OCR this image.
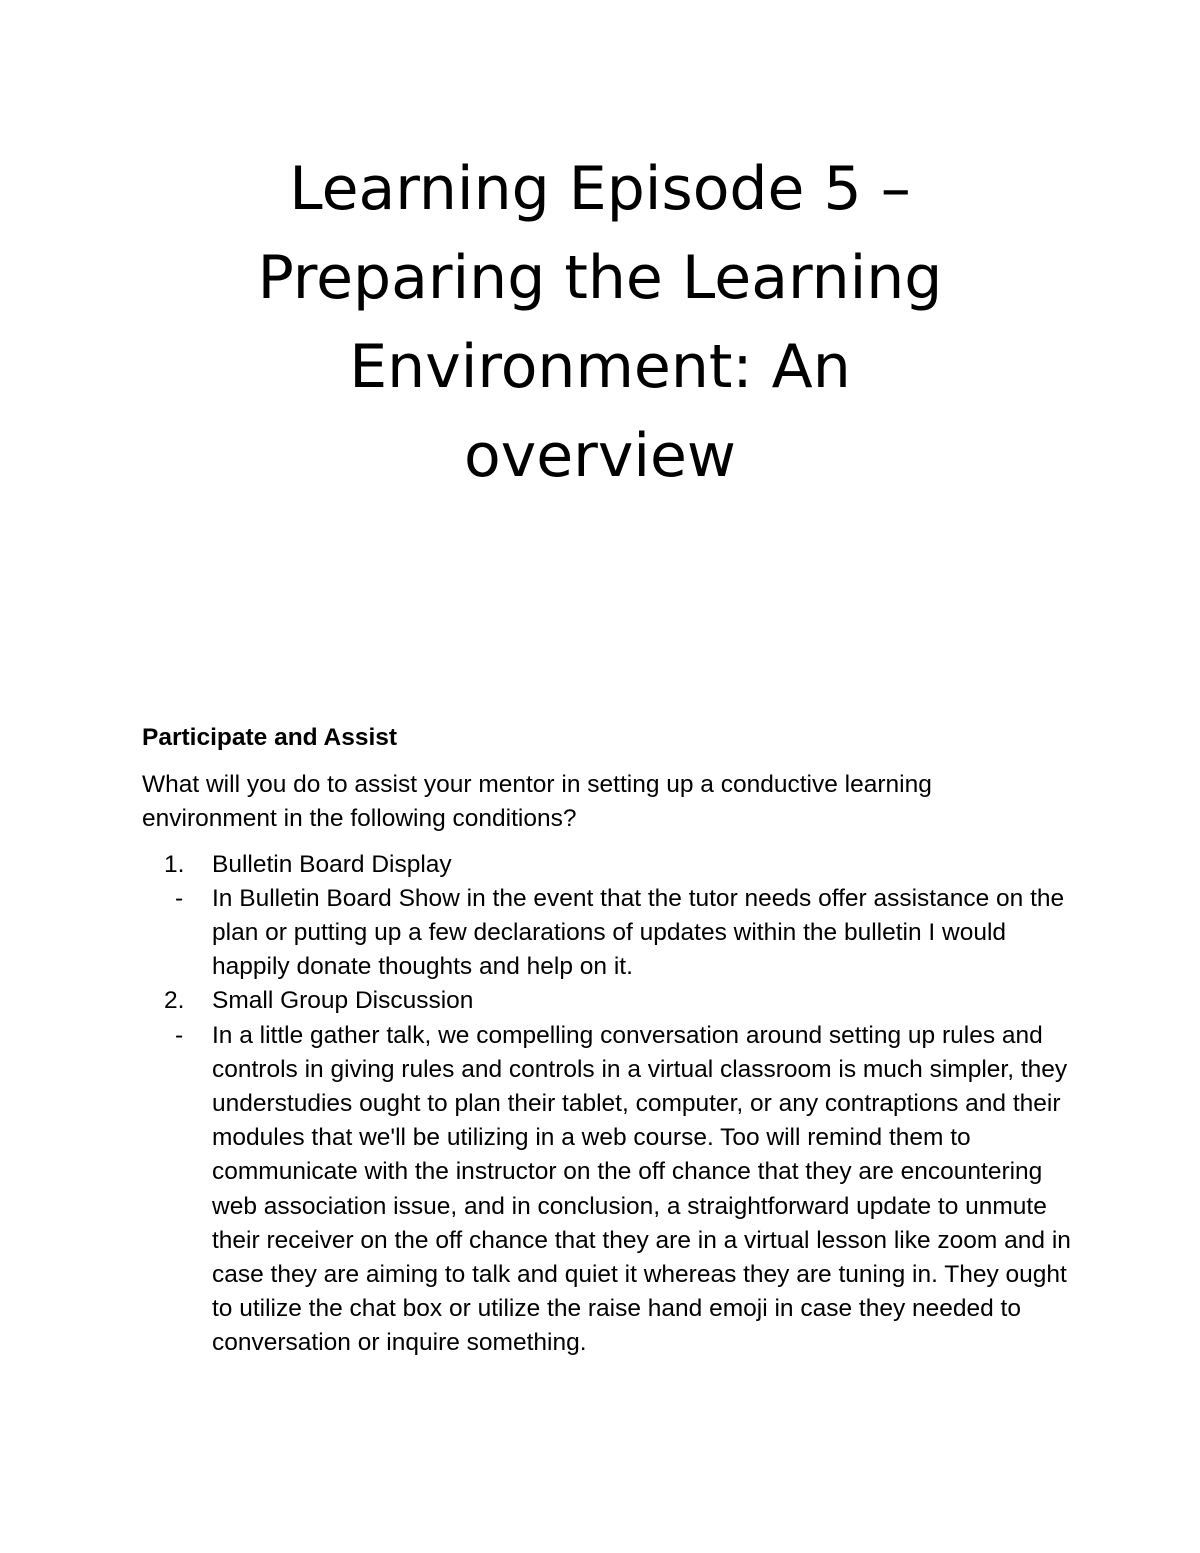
Learning Episode 5 –
Preparing the Learning
Environment: An
overview

Participate and Assist

What will you do to assist your mentor in setting up a conductive learning environment in the following conditions?

1. Bulletin Board Display
- In Bulletin Board Show in the event that the tutor needs offer assistance on the plan or putting up a few declarations of updates within the bulletin I would happily donate thoughts and help on it.
2. Small Group Discussion
- In a little gather talk, we compelling conversation around setting up rules and controls in giving rules and controls in a virtual classroom is much simpler, they understudies ought to plan their tablet, computer, or any contraptions and their modules that we'll be utilizing in a web course. Too will remind them to communicate with the instructor on the off chance that they are encountering web association issue, and in conclusion, a straightforward update to unmute their receiver on the off chance that they are in a virtual lesson like zoom and in case they are aiming to talk and quiet it whereas they are tuning in. They ought to utilize the chat box or utilize the raise hand emoji in case they needed to conversation or inquire something.
